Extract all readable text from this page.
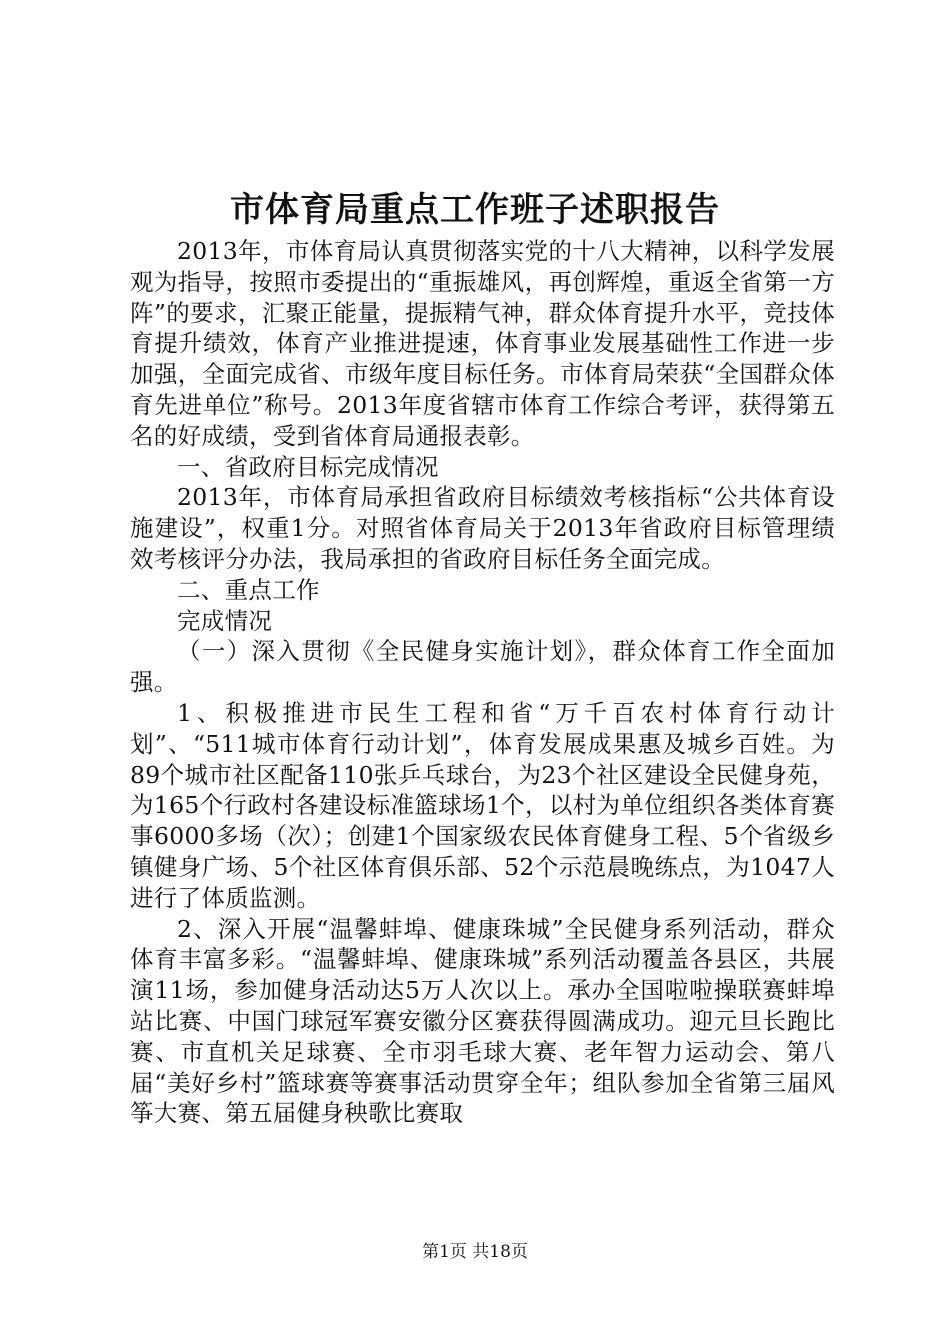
市体育局重点工作班子述职报告

2013年，市体育局认真贯彻落实党的十八大精神，以科学发展观为指导，按照市委提出的“重振雄风，再创辉煌，重返全省第一方阵”的要求，汇聚正能量，提振精气神，群众体育提升水平，竞技体育提升绩效，体育产业推进提速，体育事业发展基础性工作进一步加强，全面完成省、市级年度目标任务。市体育局荣获“全国群众体育先进单位”称号。2013年度省辖市体育工作综合考评，获得第五名的好成绩，受到省体育局通报表彰。

一、省政府目标完成情况

2013年，市体育局承担省政府目标绩效考核指标“公共体育设施建设”，权重1分。对照省体育局关于2013年省政府目标管理绩效考核评分办法，我局承担的省政府目标任务全面完成。

二、重点工作

完成情况

（一）深入贯彻《全民健身实施计划》，群众体育工作全面加强。

1、积极推进市民生工程和省“万千百农村体育行动计划”、“511城市体育行动计划”，体育发展成果惠及城乡百姓。为89个城市社区配备110张乒乓球台，为23个社区建设全民健身苑，为165个行政村各建设标准篮球场1个，以村为单位组织各类体育赛事6000多场（次）；创建1个国家级农民体育健身工程、5个省级乡镇健身广场、5个社区体育俱乐部、52个示范晨晚练点，为1047人进行了体质监测。

2、深入开展“温馨蚌埠、健康珠城”全民健身系列活动，群众体育丰富多彩。“温馨蚌埠、健康珠城”系列活动覆盖各县区，共展演11场，参加健身活动达5万人次以上。承办全国啦啦操联赛蚌埠站比赛、中国门球冠军赛安徽分区赛获得圆满成功。迎元旦长跑比赛、市直机关足球赛、全市羽毛球大赛、老年智力运动会、第八届“美好乡村”篮球赛等赛事活动贯穿全年；组队参加全省第三届风筝大赛、第五届健身秧歌比赛取

第1页 共18页
